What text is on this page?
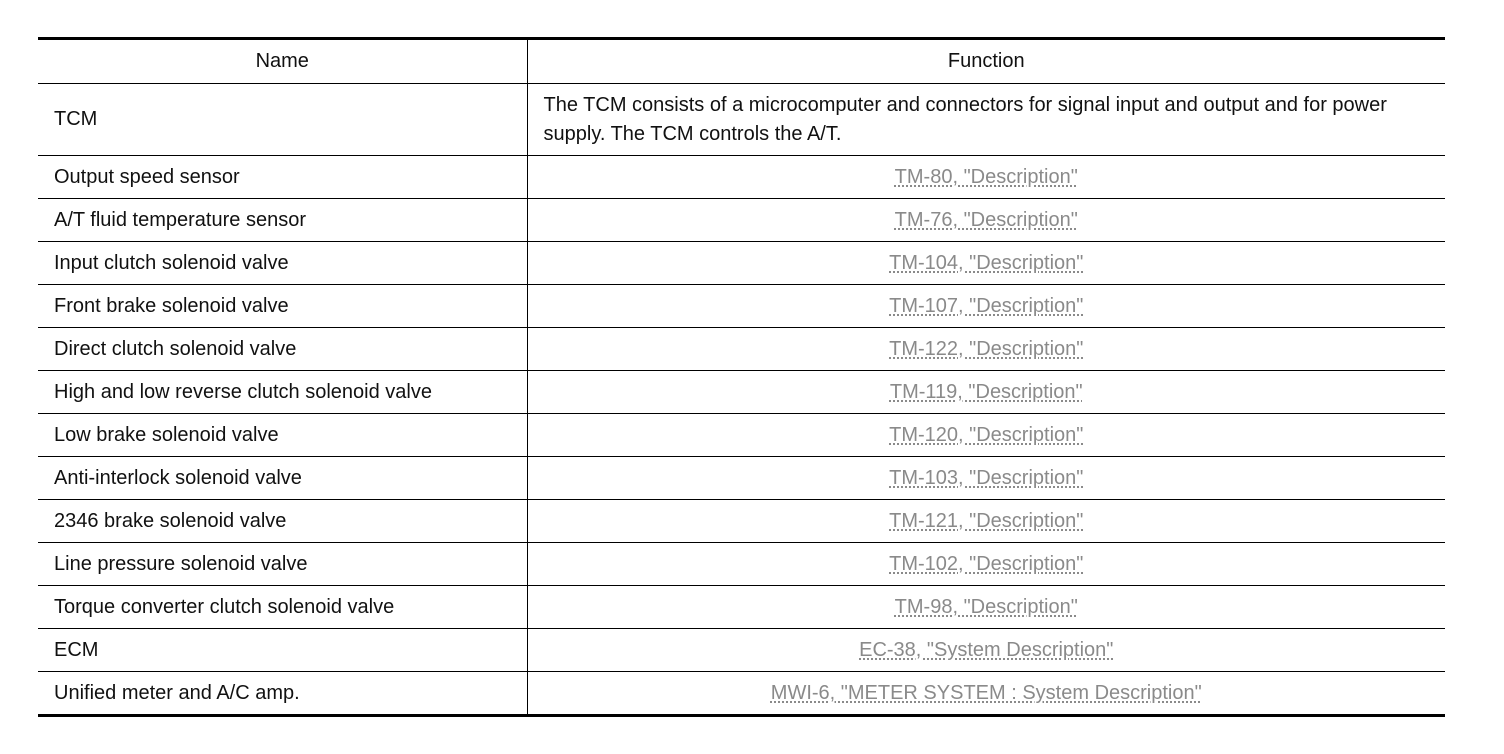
Name	Function
TCM	The TCM consists of a microcomputer and connectors for signal input and output and for power supply. The TCM controls the A/T.
Output speed sensor	TM-80, "Description"
A/T fluid temperature sensor	TM-76, "Description"
Input clutch solenoid valve	TM-104, "Description"
Front brake solenoid valve	TM-107, "Description"
Direct clutch solenoid valve	TM-122, "Description"
High and low reverse clutch solenoid valve	TM-119, "Description"
Low brake solenoid valve	TM-120, "Description"
Anti-interlock solenoid valve	TM-103, "Description"
2346 brake solenoid valve	TM-121, "Description"
Line pressure solenoid valve	TM-102, "Description"
Torque converter clutch solenoid valve	TM-98, "Description"
ECM	EC-38, "System Description"
Unified meter and A/C amp.	MWI-6, "METER SYSTEM : System Description"
